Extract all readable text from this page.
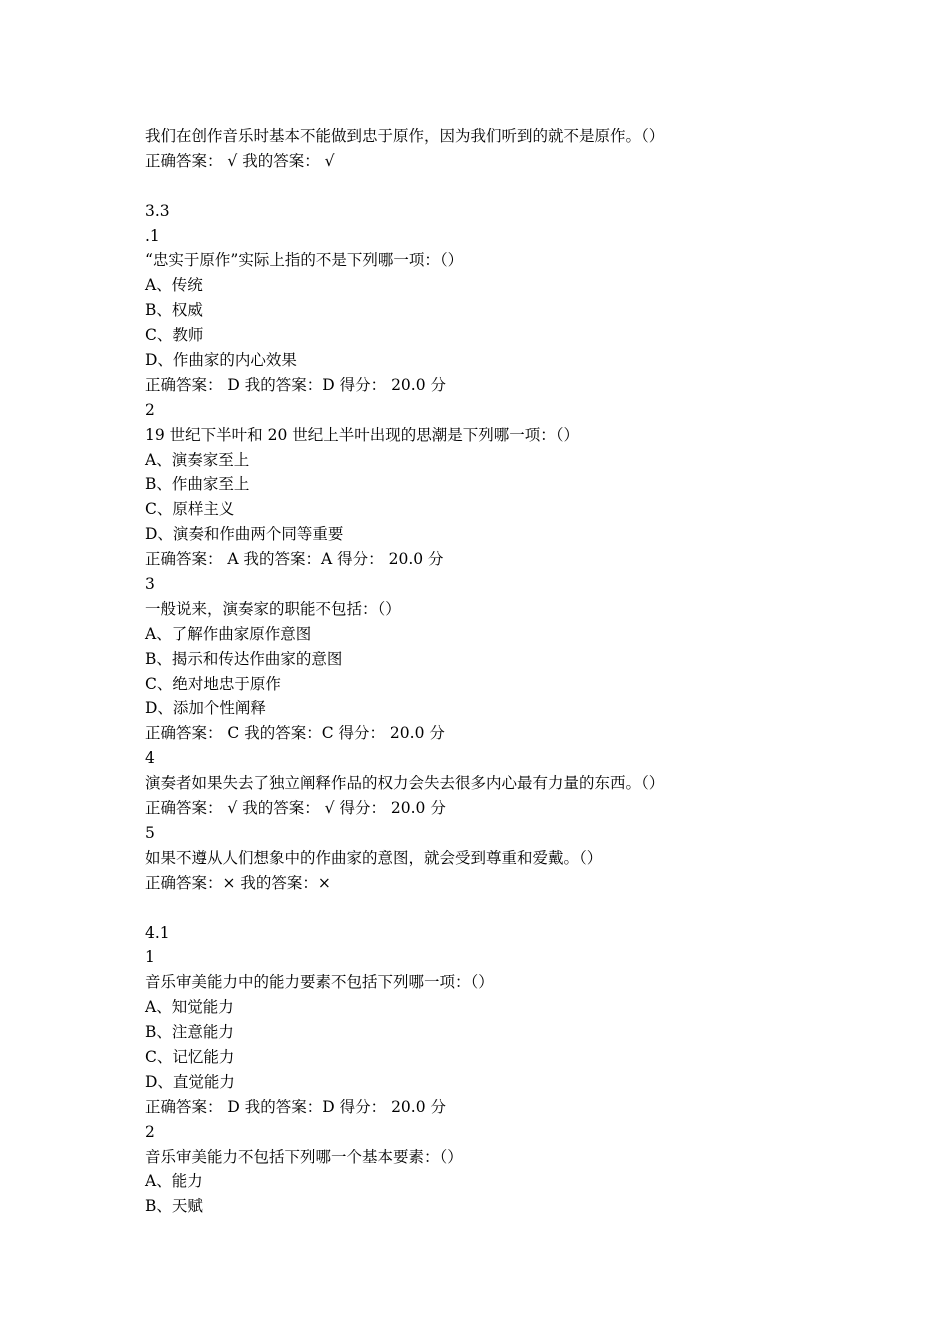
我们在创作音乐时基本不能做到忠于原作，因为我们听到的就不是原作。（）
正确答案： √ 我的答案： √
3.3
.1
“忠实于原作”实际上指的不是下列哪一项：（）
A、传统
B、权威
C、教师
D、作曲家的内心效果
正确答案： D 我的答案：D 得分： 20.0 分
2
19 世纪下半叶和 20 世纪上半叶出现的思潮是下列哪一项：（）
A、演奏家至上
B、作曲家至上
C、原样主义
D、演奏和作曲两个同等重要
正确答案： A 我的答案：A 得分： 20.0 分
3
一般说来，演奏家的职能不包括：（）
A、了解作曲家原作意图
B、揭示和传达作曲家的意图
C、绝对地忠于原作
D、添加个性阐释
正确答案： C 我的答案：C 得分： 20.0 分
4
演奏者如果失去了独立阐释作品的权力会失去很多内心最有力量的东西。（）
正确答案： √ 我的答案： √ 得分： 20.0 分
5
如果不遵从人们想象中的作曲家的意图，就会受到尊重和爱戴。（）
正确答案：× 我的答案：×
4.1
1
音乐审美能力中的能力要素不包括下列哪一项：（）
A、知觉能力
B、注意能力
C、记忆能力
D、直觉能力
正确答案： D 我的答案：D 得分： 20.0 分
2
音乐审美能力不包括下列哪一个基本要素：（）
A、能力
B、天赋
